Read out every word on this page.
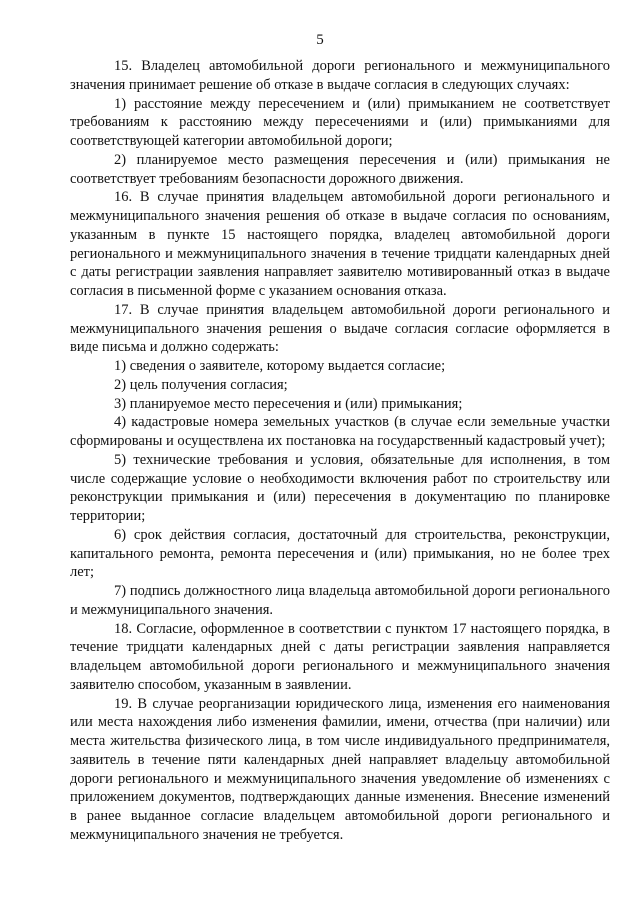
5

15. Владелец автомобильной дороги регионального и межмуниципального значения принимает решение об отказе в выдаче согласия в следующих случаях:

1) расстояние между пересечением и (или) примыканием не соответствует требованиям к расстоянию между пересечениями и (или) примыканиями для соответствующей категории автомобильной дороги;

2) планируемое место размещения пересечения и (или) примыкания не соответствует требованиям безопасности дорожного движения.

16. В случае принятия владельцем автомобильной дороги регионального и межмуниципального значения решения об отказе в выдаче согласия по основаниям, указанным в пункте 15 настоящего порядка, владелец автомобильной дороги регионального и межмуниципального значения в течение тридцати календарных дней с даты регистрации заявления направляет заявителю мотивированный отказ в выдаче согласия в письменной форме с указанием основания отказа.

17. В случае принятия владельцем автомобильной дороги регионального и межмуниципального значения решения о выдаче согласия согласие оформляется в виде письма и должно содержать:

1) сведения о заявителе, которому выдается согласие;

2) цель получения согласия;

3) планируемое место пересечения и (или) примыкания;

4) кадастровые номера земельных участков (в случае если земельные участки сформированы и осуществлена их постановка на государственный кадастровый учет);

5) технические требования и условия, обязательные для исполнения, в том числе содержащие условие о необходимости включения работ по строительству или реконструкции примыкания и (или) пересечения в документацию по планировке территории;

6) срок действия согласия, достаточный для строительства, реконструкции, капитального ремонта, ремонта пересечения и (или) примыкания, но не более трех лет;

7) подпись должностного лица владельца автомобильной дороги регионального и межмуниципального значения.

18. Согласие, оформленное в соответствии с пунктом 17 настоящего порядка, в течение тридцати календарных дней с даты регистрации заявления направляется владельцем автомобильной дороги регионального и межмуниципального значения заявителю способом, указанным в заявлении.

19. В случае реорганизации юридического лица, изменения его наименования или места нахождения либо изменения фамилии, имени, отчества (при наличии) или места жительства физического лица, в том числе индивидуального предпринимателя, заявитель в течение пяти календарных дней направляет владельцу автомобильной дороги регионального и межмуниципального значения уведомление об изменениях с приложением документов, подтверждающих данные изменения. Внесение изменений в ранее выданное согласие владельцем автомобильной дороги регионального и межмуниципального значения не требуется.
